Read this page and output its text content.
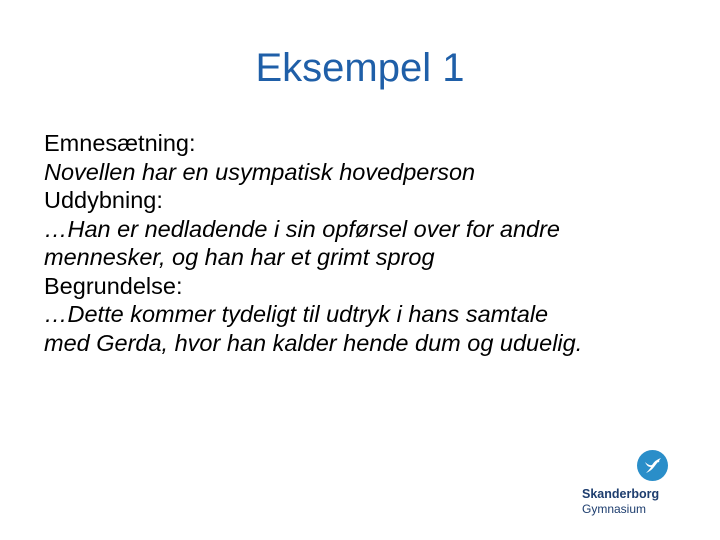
Eksempel 1
Emnesætning:
Novellen har en usympatisk hovedperson
Uddybning:
…Han er nedladende i sin opførsel over for andre
mennesker, og han har et grimt sprog
Begrundelse:
…Dette kommer tydeligt til udtryk i hans samtale
med Gerda, hvor han kalder hende dum og uduelig.
Skanderborg
Gymnasium
